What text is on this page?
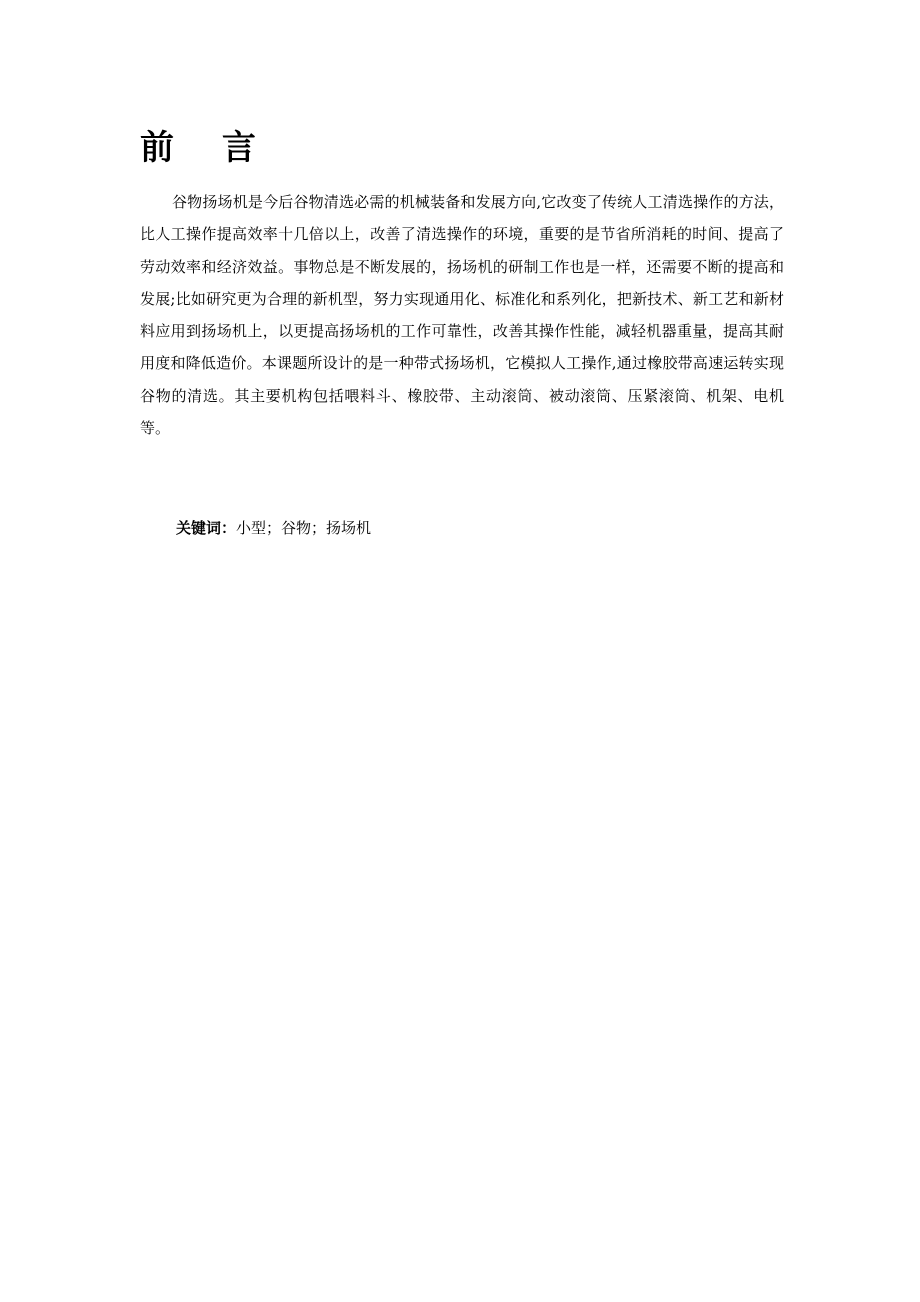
前 言

谷物扬场机是今后谷物清选必需的机械装备和发展方向,它改变了传统人工清选操作的方法，比人工操作提高效率十几倍以上，改善了清选操作的环境，重要的是节省所消耗的时间、提高了劳动效率和经济效益。事物总是不断发展的，扬场机的研制工作也是一样，还需要不断的提高和发展;比如研究更为合理的新机型，努力实现通用化、标准化和系列化，把新技术、新工艺和新材料应用到扬场机上，以更提高扬场机的工作可靠性，改善其操作性能，减轻机器重量，提高其耐用度和降低造价。本课题所设计的是一种带式扬场机，它模拟人工操作,通过橡胶带高速运转实现谷物的清选。其主要机构包括喂料斗、橡胶带、主动滚筒、被动滚筒、压紧滚筒、机架、电机等。

关键词：小型；谷物；扬场机
